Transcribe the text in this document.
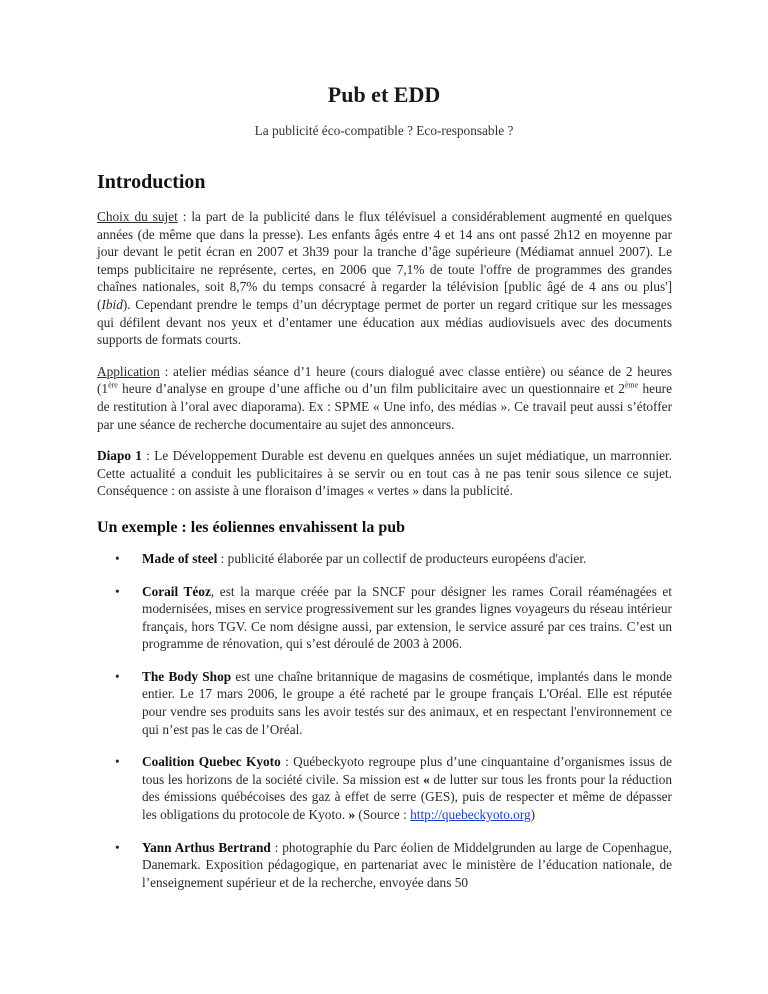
Pub et EDD
La publicité éco-compatible ? Eco-responsable ?
Introduction

Choix du sujet : la part de la publicité dans le flux télévisuel a considérablement augmenté en quelques années (de même que dans la presse). Les enfants âgés entre 4 et 14 ans ont passé 2h12 en moyenne par jour devant le petit écran en 2007 et 3h39 pour la tranche d’âge supérieure (Médiamat annuel 2007). Le temps publicitaire ne représente, certes, en 2006 que 7,1% de toute l'offre de programmes des grandes chaînes nationales, soit 8,7% du temps consacré à regarder la télévision [public âgé de 4 ans ou plus'] (Ibid). Cependant prendre le temps d’un décryptage permet de porter un regard critique sur les messages qui défilent devant nos yeux et d’entamer une éducation aux médias audiovisuels avec des documents supports de formats courts.

Application : atelier médias séance d’1 heure (cours dialogué avec classe entière) ou séance de 2 heures (1ère heure d’analyse en groupe d’une affiche ou d’un film publicitaire avec un questionnaire et 2ème heure de restitution à l’oral avec diaporama). Ex : SPME « Une info, des médias ». Ce travail peut aussi s’étoffer par une séance de recherche documentaire au sujet des annonceurs.

Diapo 1 : Le Développement Durable est devenu en quelques années un sujet médiatique, un marronnier. Cette actualité a conduit les publicitaires à se servir ou en tout cas à ne pas tenir sous silence ce sujet. Conséquence : on assiste à une floraison d’images « vertes » dans la publicité.

Un exemple : les éoliennes envahissent la pub
• Made of steel : publicité élaborée par un collectif de producteurs européens d'acier.
• Corail Téoz, est la marque créée par la SNCF pour désigner les rames Corail réaménagées et modernisées, mises en service progressivement sur les grandes lignes voyageurs du réseau intérieur français, hors TGV. Ce nom désigne aussi, par extension, le service assuré par ces trains. C’est un programme de rénovation, qui s’est déroulé de 2003 à 2006.
• The Body Shop est une chaîne britannique de magasins de cosmétique, implantés dans le monde entier. Le 17 mars 2006, le groupe a été racheté par le groupe français L'Oréal. Elle est réputée pour vendre ses produits sans les avoir testés sur des animaux, et en respectant l'environnement ce qui n’est pas le cas de l’Oréal.
• Coalition Quebec Kyoto : Québeckyoto regroupe plus d’une cinquantaine d’organismes issus de tous les horizons de la société civile. Sa mission est « de lutter sur tous les fronts pour la réduction des émissions québécoises des gaz à effet de serre (GES), puis de respecter et même de dépasser les obligations du protocole de Kyoto. » (Source : http://quebeckyoto.org)
• Yann Arthus Bertrand : photographie du Parc éolien de Middelgrunden au large de Copenhague, Danemark. Exposition pédagogique, en partenariat avec le ministère de l’éducation nationale, de l’enseignement supérieur et de la recherche, envoyée dans 50
